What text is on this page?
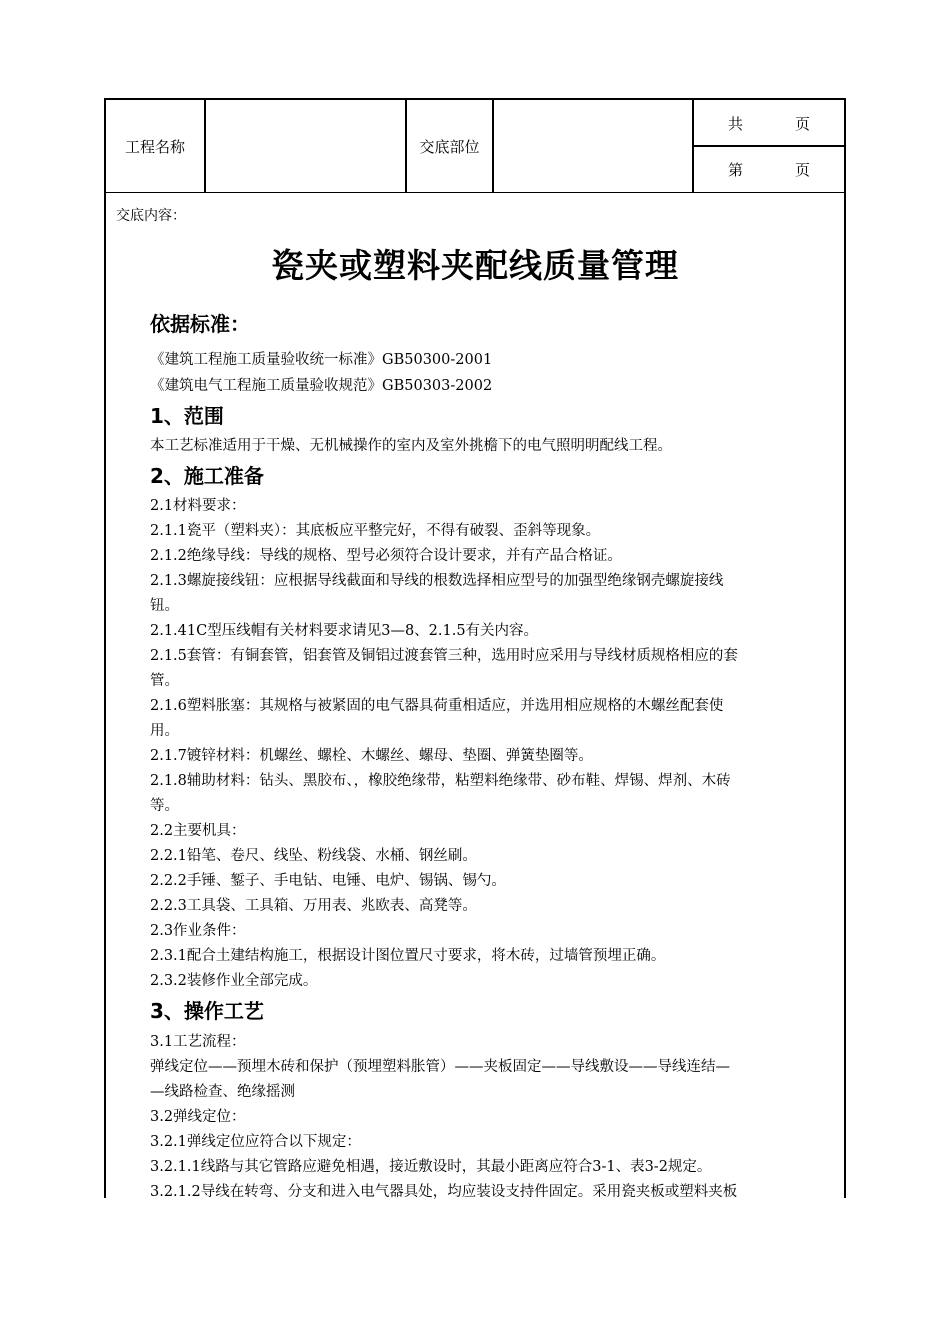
工程名称	交底部位
共	页
第	页
交底内容：
瓷夹或塑料夹配线质量管理
依据标准：
《建筑工程施工质量验收统一标准》GB50300-2001
《建筑电气工程施工质量验收规范》GB50303-2002
1、范围
本工艺标准适用于干燥、无机械操作的室内及室外挑檐下的电气照明明配线工程。
2、施工准备
2.1材料要求：
2.1.1瓷平（塑料夹）：其底板应平整完好，不得有破裂、歪斜等现象。
2.1.2绝缘导线：导线的规格、型号必须符合设计要求，并有产品合格证。
2.1.3螺旋接线钮：应根据导线截面和导线的根数选择相应型号的加强型绝缘钢壳螺旋接线
钮。
2.1.41C型压线帽有关材料要求请见3—8、2.1.5有关内容。
2.1.5套管：有铜套管，铝套管及铜铝过渡套管三种，选用时应采用与导线材质规格相应的套
管。
2.1.6塑料胀塞：其规格与被紧固的电气器具荷重相适应，并选用相应规格的木螺丝配套使
用。
2.1.7镀锌材料：机螺丝、螺栓、木螺丝、螺母、垫圈、弹簧垫圈等。
2.1.8辅助材料：钻头、黑胶布、，橡胶绝缘带，粘塑料绝缘带、砂布鞋、焊锡、焊剂、木砖
等。
2.2主要机具：
2.2.1铅笔、卷尺、线坠、粉线袋、水桶、钢丝刷。
2.2.2手锤、錾子、手电钻、电锤、电炉、锡锅、锡勺。
2.2.3工具袋、工具箱、万用表、兆欧表、高凳等。
2.3作业条件：
2.3.1配合土建结构施工，根据设计图位置尺寸要求，将木砖，过墙管预埋正确。
2.3.2装修作业全部完成。
3、操作工艺
3.1工艺流程：
弹线定位——预埋木砖和保护（预埋塑料胀管）——夹板固定——导线敷设——导线连结—
—线路检查、绝缘摇测
3.2弹线定位：
3.2.1弹线定位应符合以下规定：
3.2.1.1线路与其它管路应避免相遇，接近敷设时，其最小距离应符合3-1、表3-2规定。
3.2.1.2导线在转弯、分支和进入电气器具处，均应装设支持件固定。采用瓷夹板或塑料夹板
